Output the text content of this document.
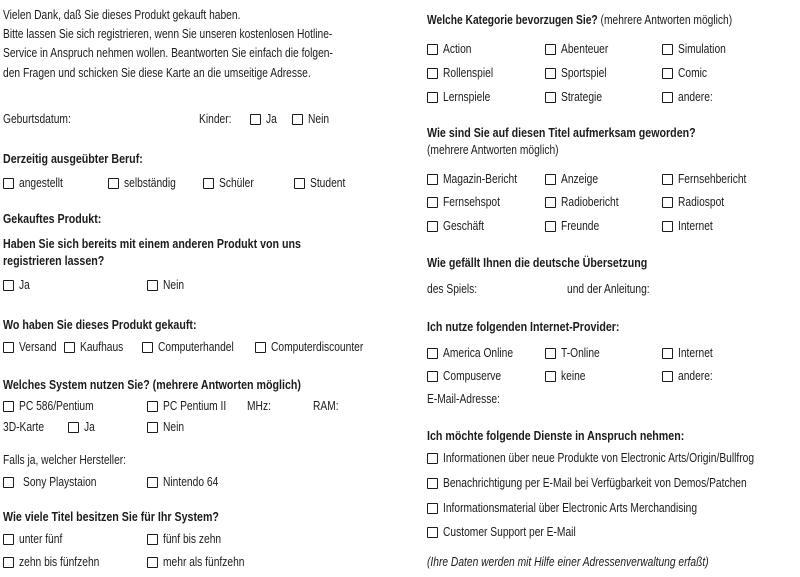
Vielen Dank, daß Sie dieses Produkt gekauft haben.
Bitte lassen Sie sich registrieren, wenn Sie unseren kostenlosen Hotline-
Service in Anspruch nehmen wollen. Beantworten Sie einfach die folgen-
den Fragen und schicken Sie diese Karte an die umseitige Adresse.
Geburtsdatum:	Kinder:	Ja	Nein
Derzeitig ausgeübter Beruf:
angestellt	selbständig	Schüler	Student
Gekauftes Produkt:
Haben Sie sich bereits mit einem anderen Produkt von uns
registrieren lassen?
Ja	Nein
Wo haben Sie dieses Produkt gekauft:
Versand	Kaufhaus	Computerhandel	Computerdiscounter
Welches System nutzen Sie? (mehrere Antworten möglich)
PC 586/Pentium	PC Pentium II	MHz:	RAM:
3D-Karte	Ja	Nein
Falls ja, welcher Hersteller:
Sony Playstaion	Nintendo 64
Wie viele Titel besitzen Sie für Ihr System?
unter fünf	fünf bis zehn
zehn bis fünfzehn	mehr als fünfzehn
Welche Kategorie bevorzugen Sie? (mehrere Antworten möglich)
Action	Abenteuer	Simulation
Rollenspiel	Sportspiel	Comic
Lernspiele	Strategie	andere:
Wie sind Sie auf diesen Titel aufmerksam geworden?
(mehrere Antworten möglich)
Magazin-Bericht	Anzeige	Fernsehbericht
Fernsehspot	Radiobericht	Radiospot
Geschäft	Freunde	Internet
Wie gefällt Ihnen die deutsche Übersetzung
des Spiels:	und der Anleitung:
Ich nutze folgenden Internet-Provider:
America Online	T-Online	Internet
Compuserve	keine	andere:
E-Mail-Adresse:
Ich möchte folgende Dienste in Anspruch nehmen:
Informationen über neue Produkte von Electronic Arts/Origin/Bullfrog
Benachrichtigung per E-Mail bei Verfügbarkeit von Demos/Patchen
Informationsmaterial über Electronic Arts Merchandising
Customer Support per E-Mail
(Ihre Daten werden mit Hilfe einer Adressenverwaltung erfaßt)
